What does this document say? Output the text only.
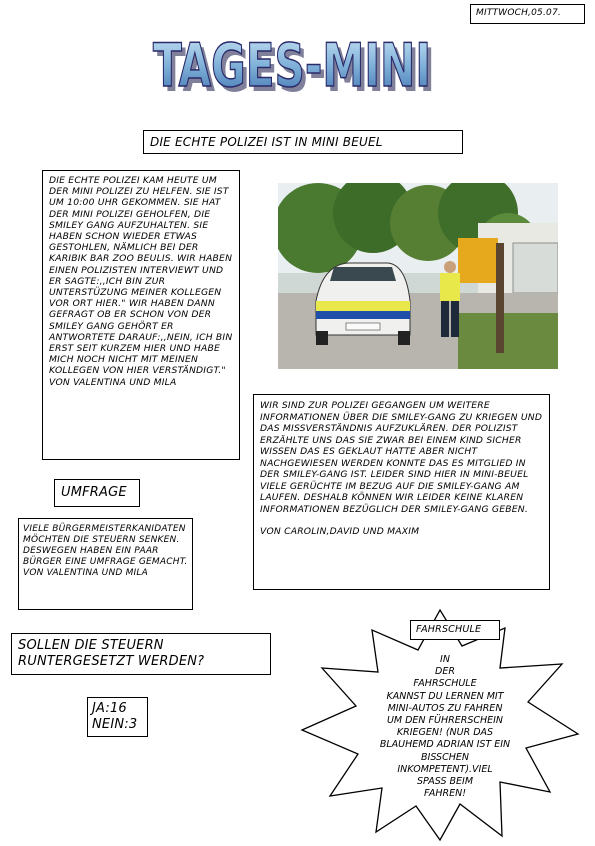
MITTWOCH,05.07.
TAGES-MINI
TAGES-MINI
DIE ECHTE POLIZEI IST IN MINI BEUEL
DIE ECHTE POLIZEI KAM HEUTE UM DER MINI POLIZEI ZU HELFEN. SIE IST UM 10:00 UHR GEKOMMEN. SIE HAT DER MINI POLIZEI GEHOLFEN, DIE SMILEY GANG AUFZUHALTEN. SIE HABEN SCHON WIEDER ETWAS GESTOHLEN, NÄMLICH BEI DER KARIBIK BAR ZOO BEULIS. WIR HABEN EINEN POLIZISTEN INTERVIEWT UND ER SAGTE:,,ICH BIN ZUR UNTERSTÜZUNG MEINER KOLLEGEN VOR ORT HIER." WIR HABEN DANN GEFRAGT OB ER SCHON VON DER SMILEY GANG GEHÖRT ER ANTWORTETE DARAUF:,,NEIN, ICH BIN ERST SEIT KURZEM HIER UND HABE MICH NOCH NICHT MIT MEINEN KOLLEGEN VON HIER VERSTÄNDIGT."
VON VALENTINA UND MILA
WIR SIND ZUR POLIZEI GEGANGEN UM WEITERE INFORMATIONEN ÜBER DIE SMILEY-GANG ZU KRIEGEN UND DAS MISSVERSTÄNDNIS AUFZUKLÄREN. DER POLIZIST ERZÄHLTE UNS DAS SIE ZWAR BEI EINEM KIND SICHER WISSEN DAS ES GEKLAUT HATTE ABER NICHT NACHGEWIESEN WERDEN KONNTE DAS ES MITGLIED IN DER SMILEY-GANG IST. LEIDER SIND HIER IN MINI-BEUEL VIELE GERÜCHTE IM BEZUG AUF DIE SMILEY-GANG AM LAUFEN. DESHALB KÖNNEN WIR LEIDER KEINE KLAREN INFORMATIONEN BEZÜGLICH DER SMILEY-GANG GEBEN.
VON CAROLIN,DAVID UND MAXIM
UMFRAGE
VIELE BÜRGERMEISTERKANIDATEN MÖCHTEN DIE STEUERN SENKEN. DESWEGEN HABEN EIN PAAR BÜRGER EINE UMFRAGE GEMACHT.
VON VALENTINA UND MILA
SOLLEN DIE STEUERN RUNTERGESETZT WERDEN?
JA:16
NEIN:3
FAHRSCHULE
IN
DER
FAHRSCHULE
KANNST DU LERNEN MIT
MINI-AUTOS ZU FAHREN
UM DEN FÜHRERSCHEIN
KRIEGEN! (NUR DAS
BLAUHEMD ADRIAN IST EIN
BISSCHEN
INKOMPETENT).VIEL
SPASS BEIM
FAHREN!
